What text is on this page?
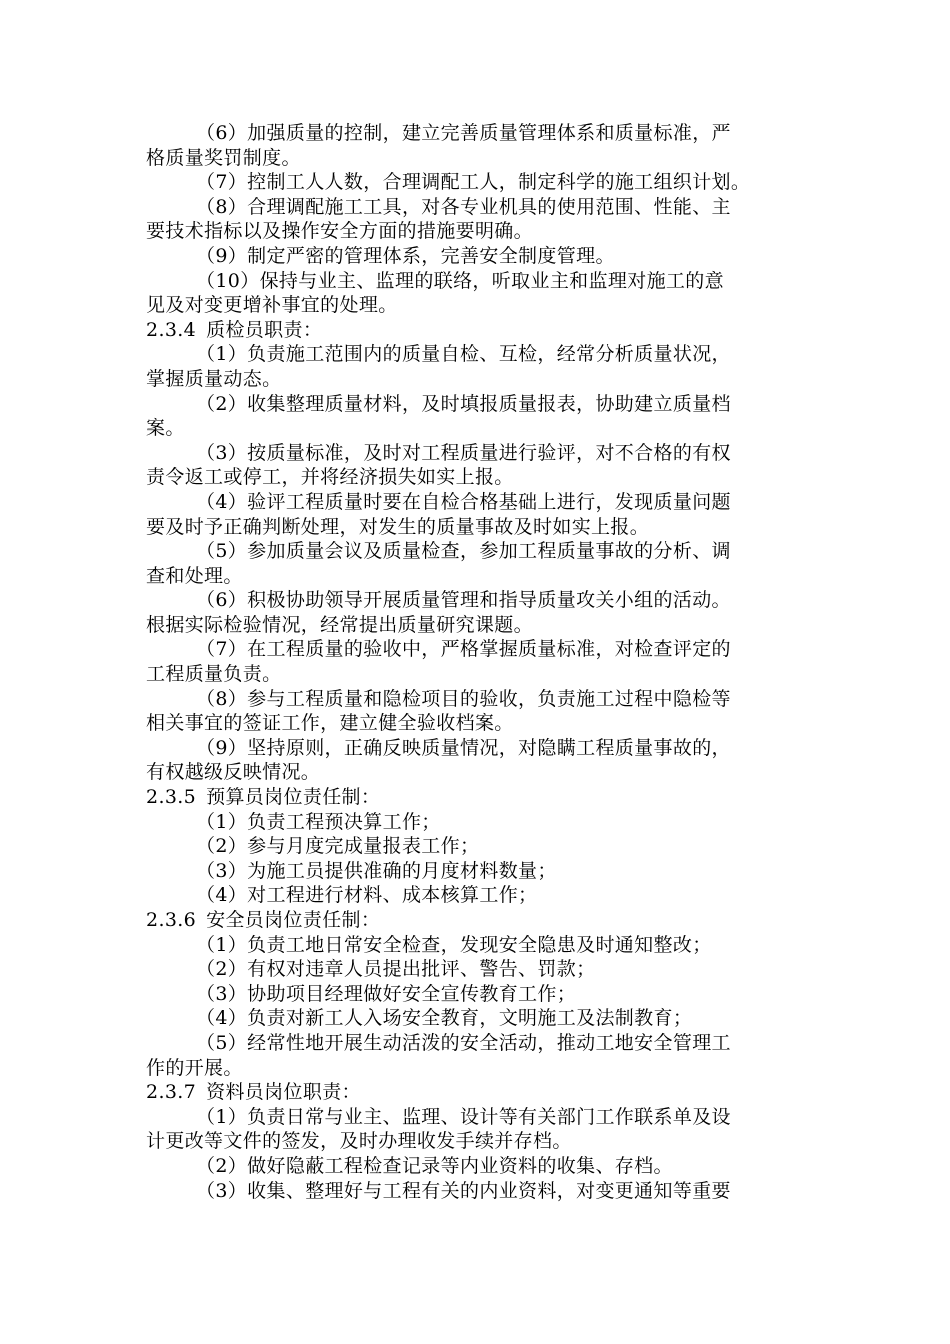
（6）加强质量的控制，建立完善质量管理体系和质量标准，严
格质量奖罚制度。
（7）控制工人人数，合理调配工人，制定科学的施工组织计划。
（8）合理调配施工工具，对各专业机具的使用范围、性能、主
要技术指标以及操作安全方面的措施要明确。
（9）制定严密的管理体系，完善安全制度管理。
（10）保持与业主、监理的联络，听取业主和监理对施工的意
见及对变更增补事宜的处理。
2.3.4 质检员职责：
（1）负责施工范围内的质量自检、互检，经常分析质量状况，
掌握质量动态。
（2）收集整理质量材料，及时填报质量报表，协助建立质量档
案。
（3）按质量标准，及时对工程质量进行验评，对不合格的有权
责令返工或停工，并将经济损失如实上报。
（4）验评工程质量时要在自检合格基础上进行，发现质量问题
要及时予正确判断处理，对发生的质量事故及时如实上报。
（5）参加质量会议及质量检查，参加工程质量事故的分析、调
查和处理。
（6）积极协助领导开展质量管理和指导质量攻关小组的活动。
根据实际检验情况，经常提出质量研究课题。
（7）在工程质量的验收中，严格掌握质量标准，对检查评定的
工程质量负责。
（8）参与工程质量和隐检项目的验收，负责施工过程中隐检等
相关事宜的签证工作，建立健全验收档案。
（9）坚持原则，正确反映质量情况，对隐瞒工程质量事故的，
有权越级反映情况。
2.3.5 预算员岗位责任制：
（1）负责工程预决算工作；
（2）参与月度完成量报表工作；
（3）为施工员提供准确的月度材料数量；
（4）对工程进行材料、成本核算工作；
2.3.6 安全员岗位责任制：
（1）负责工地日常安全检查，发现安全隐患及时通知整改；
（2）有权对违章人员提出批评、警告、罚款；
（3）协助项目经理做好安全宣传教育工作；
（4）负责对新工人入场安全教育，文明施工及法制教育；
（5）经常性地开展生动活泼的安全活动，推动工地安全管理工
作的开展。
2.3.7 资料员岗位职责：
（1）负责日常与业主、监理、设计等有关部门工作联系单及设
计更改等文件的签发，及时办理收发手续并存档。
（2）做好隐蔽工程检查记录等内业资料的收集、存档。
（3）收集、整理好与工程有关的内业资料，对变更通知等重要
